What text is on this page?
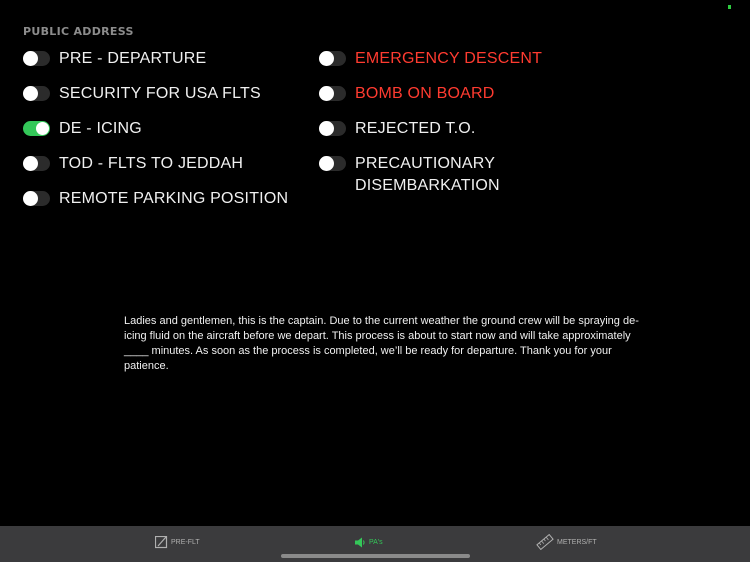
PUBLIC ADDRESS
PRE - DEPARTURE
SECURITY FOR USA FLTS
DE - ICING
TOD - FLTS TO JEDDAH
REMOTE PARKING POSITION
EMERGENCY DESCENT
BOMB ON BOARD
REJECTED T.O.
PRECAUTIONARY
DISEMBARKATION
Ladies and gentlemen, this is the captain. Due to the current weather the ground crew will be spraying de-icing fluid on the aircraft before we depart. This process is about to start now and will take approximately ____ minutes. As soon as the process is completed, we’ll be ready for departure. Thank you for your patience.
PRE-FLT	PA's	METERS/FT
